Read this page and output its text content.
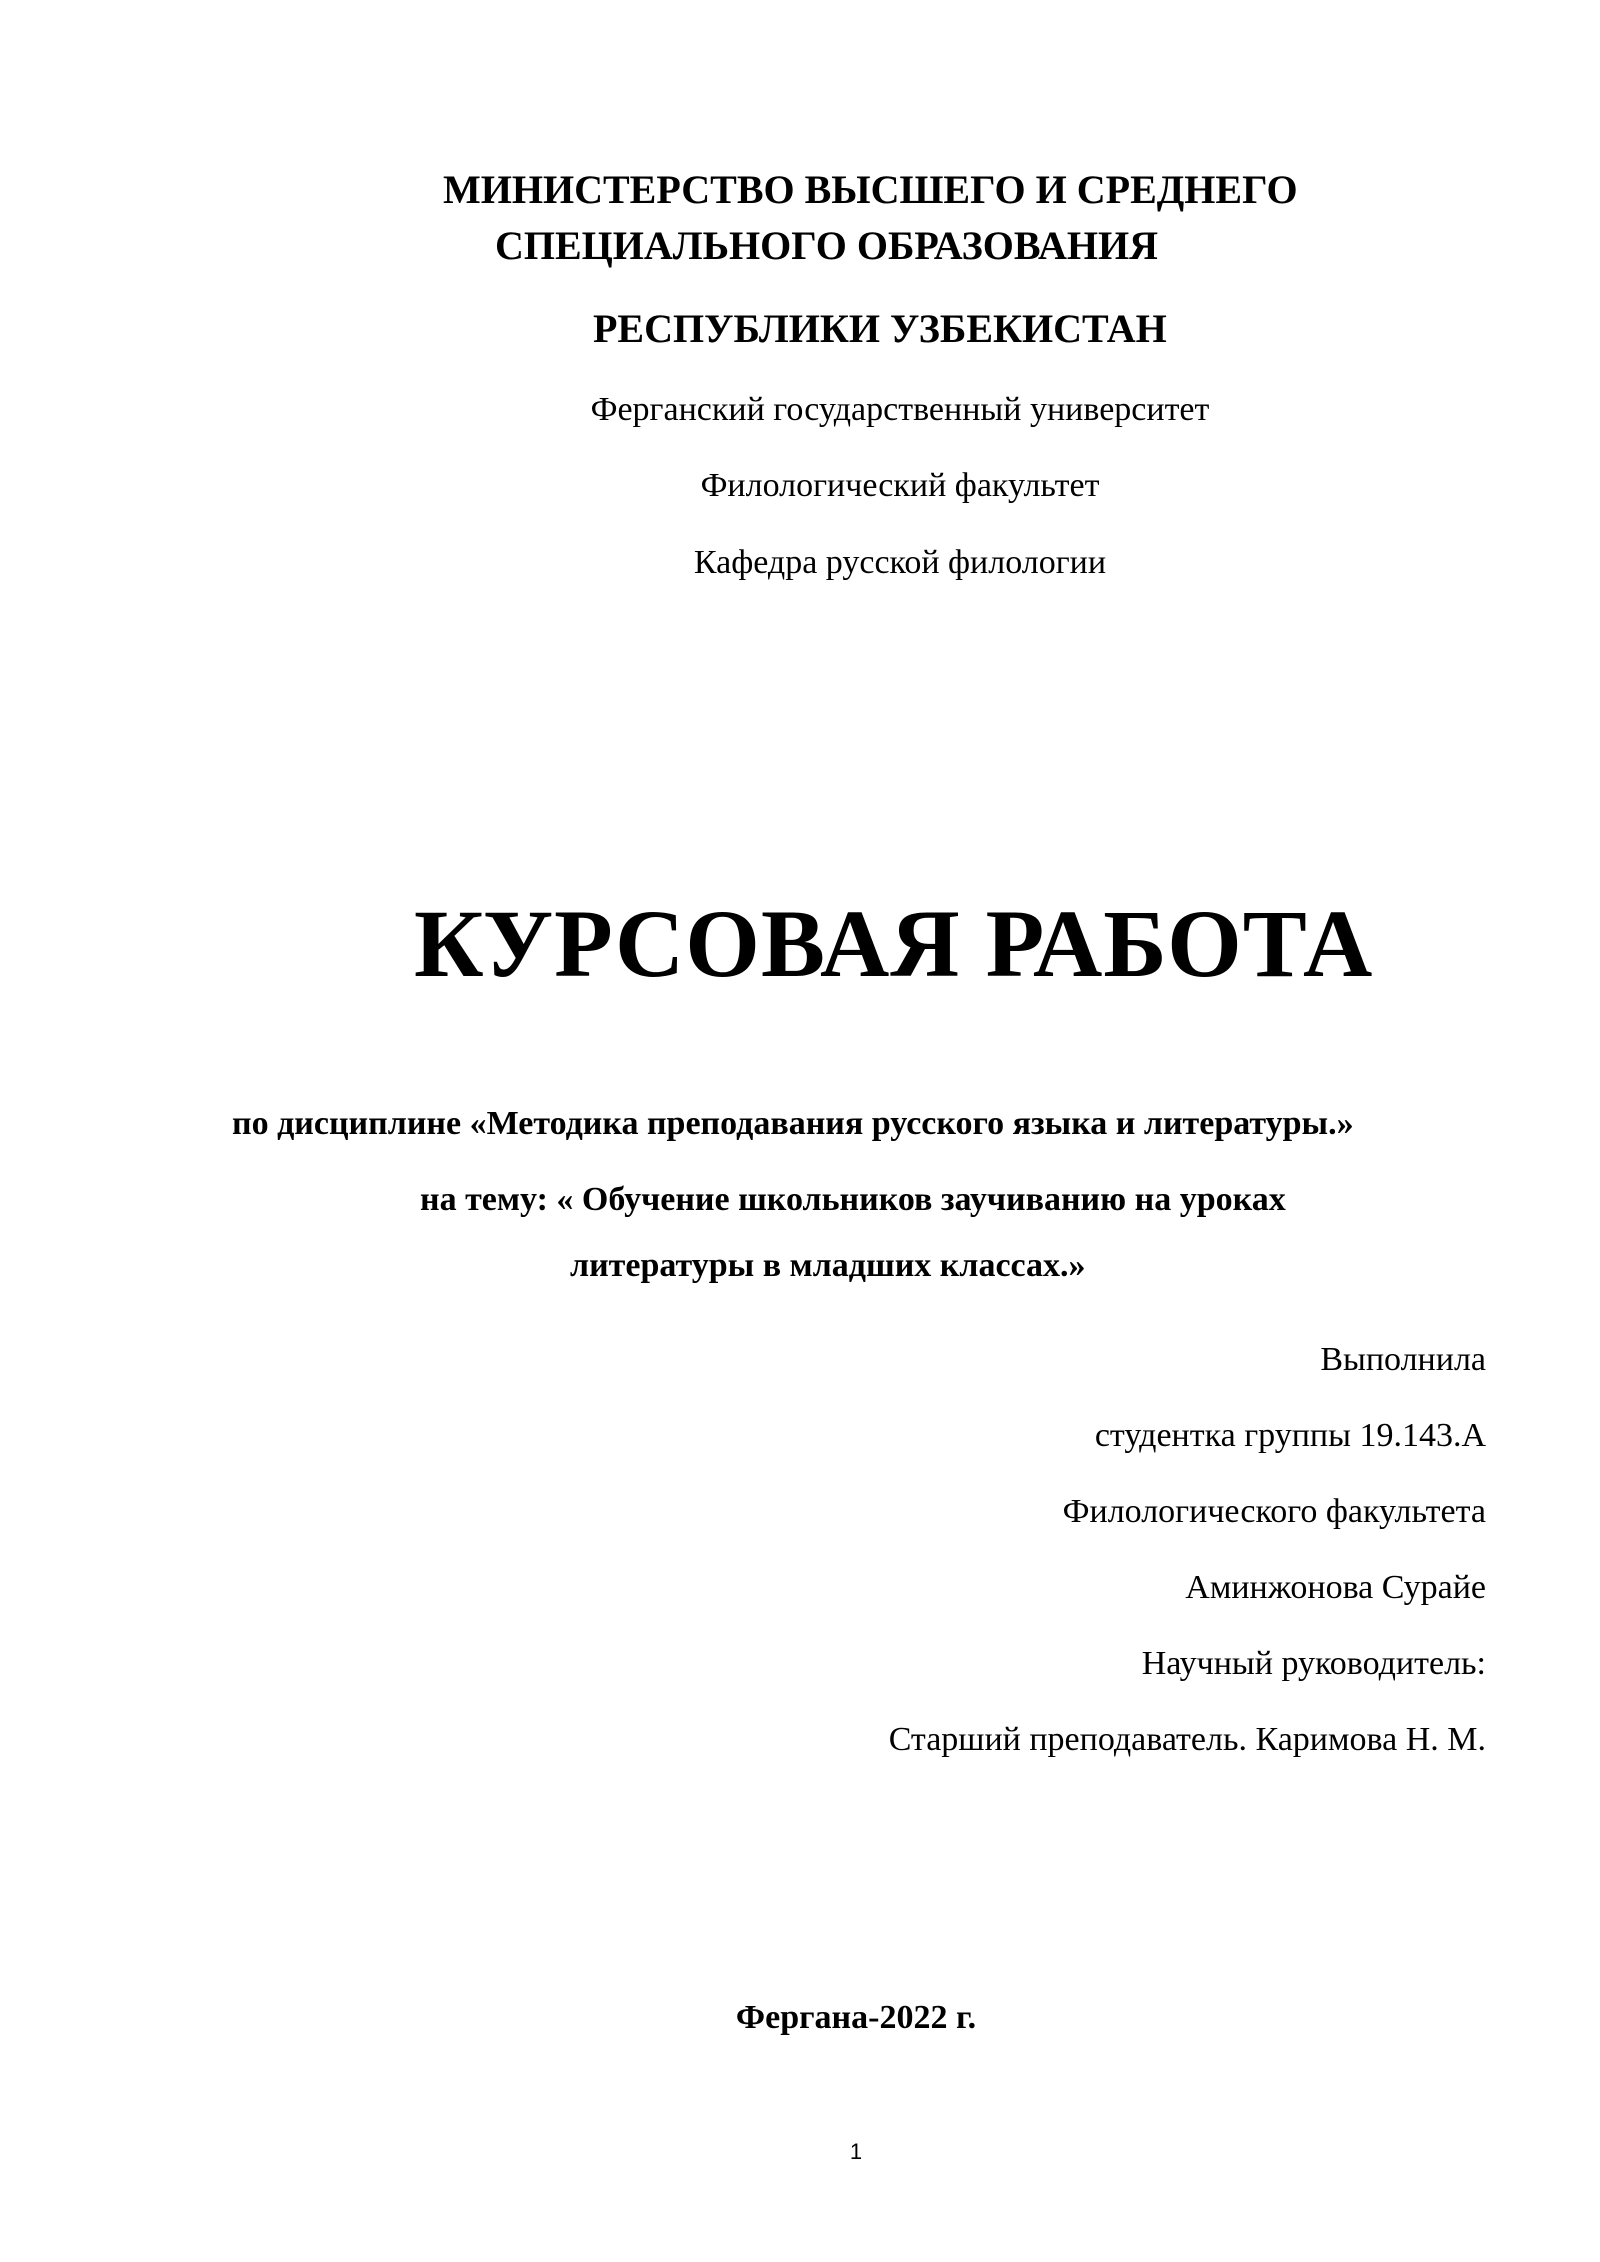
МИНИСТЕРСТВО ВЫСШЕГО И СРЕДНЕГО
СПЕЦИАЛЬНОГО ОБРАЗОВАНИЯ
РЕСПУБЛИКИ УЗБЕКИСТАН
Ферганский государственный университет
Филологический факультет
Кафедра русской филологии
КУРСОВАЯ РАБОТА
по дисциплине «Методика преподавания русского языка и литературы.»
на тему: « Обучение школьников заучиванию на уроках
литературы в младших классах.»
Выполнила
студентка группы 19.143.А
Филологического факультета
Аминжонова Сурайе
Научный руководитель:
Старший преподаватель. Каримова Н. М.
Фергана-2022 г.
1
